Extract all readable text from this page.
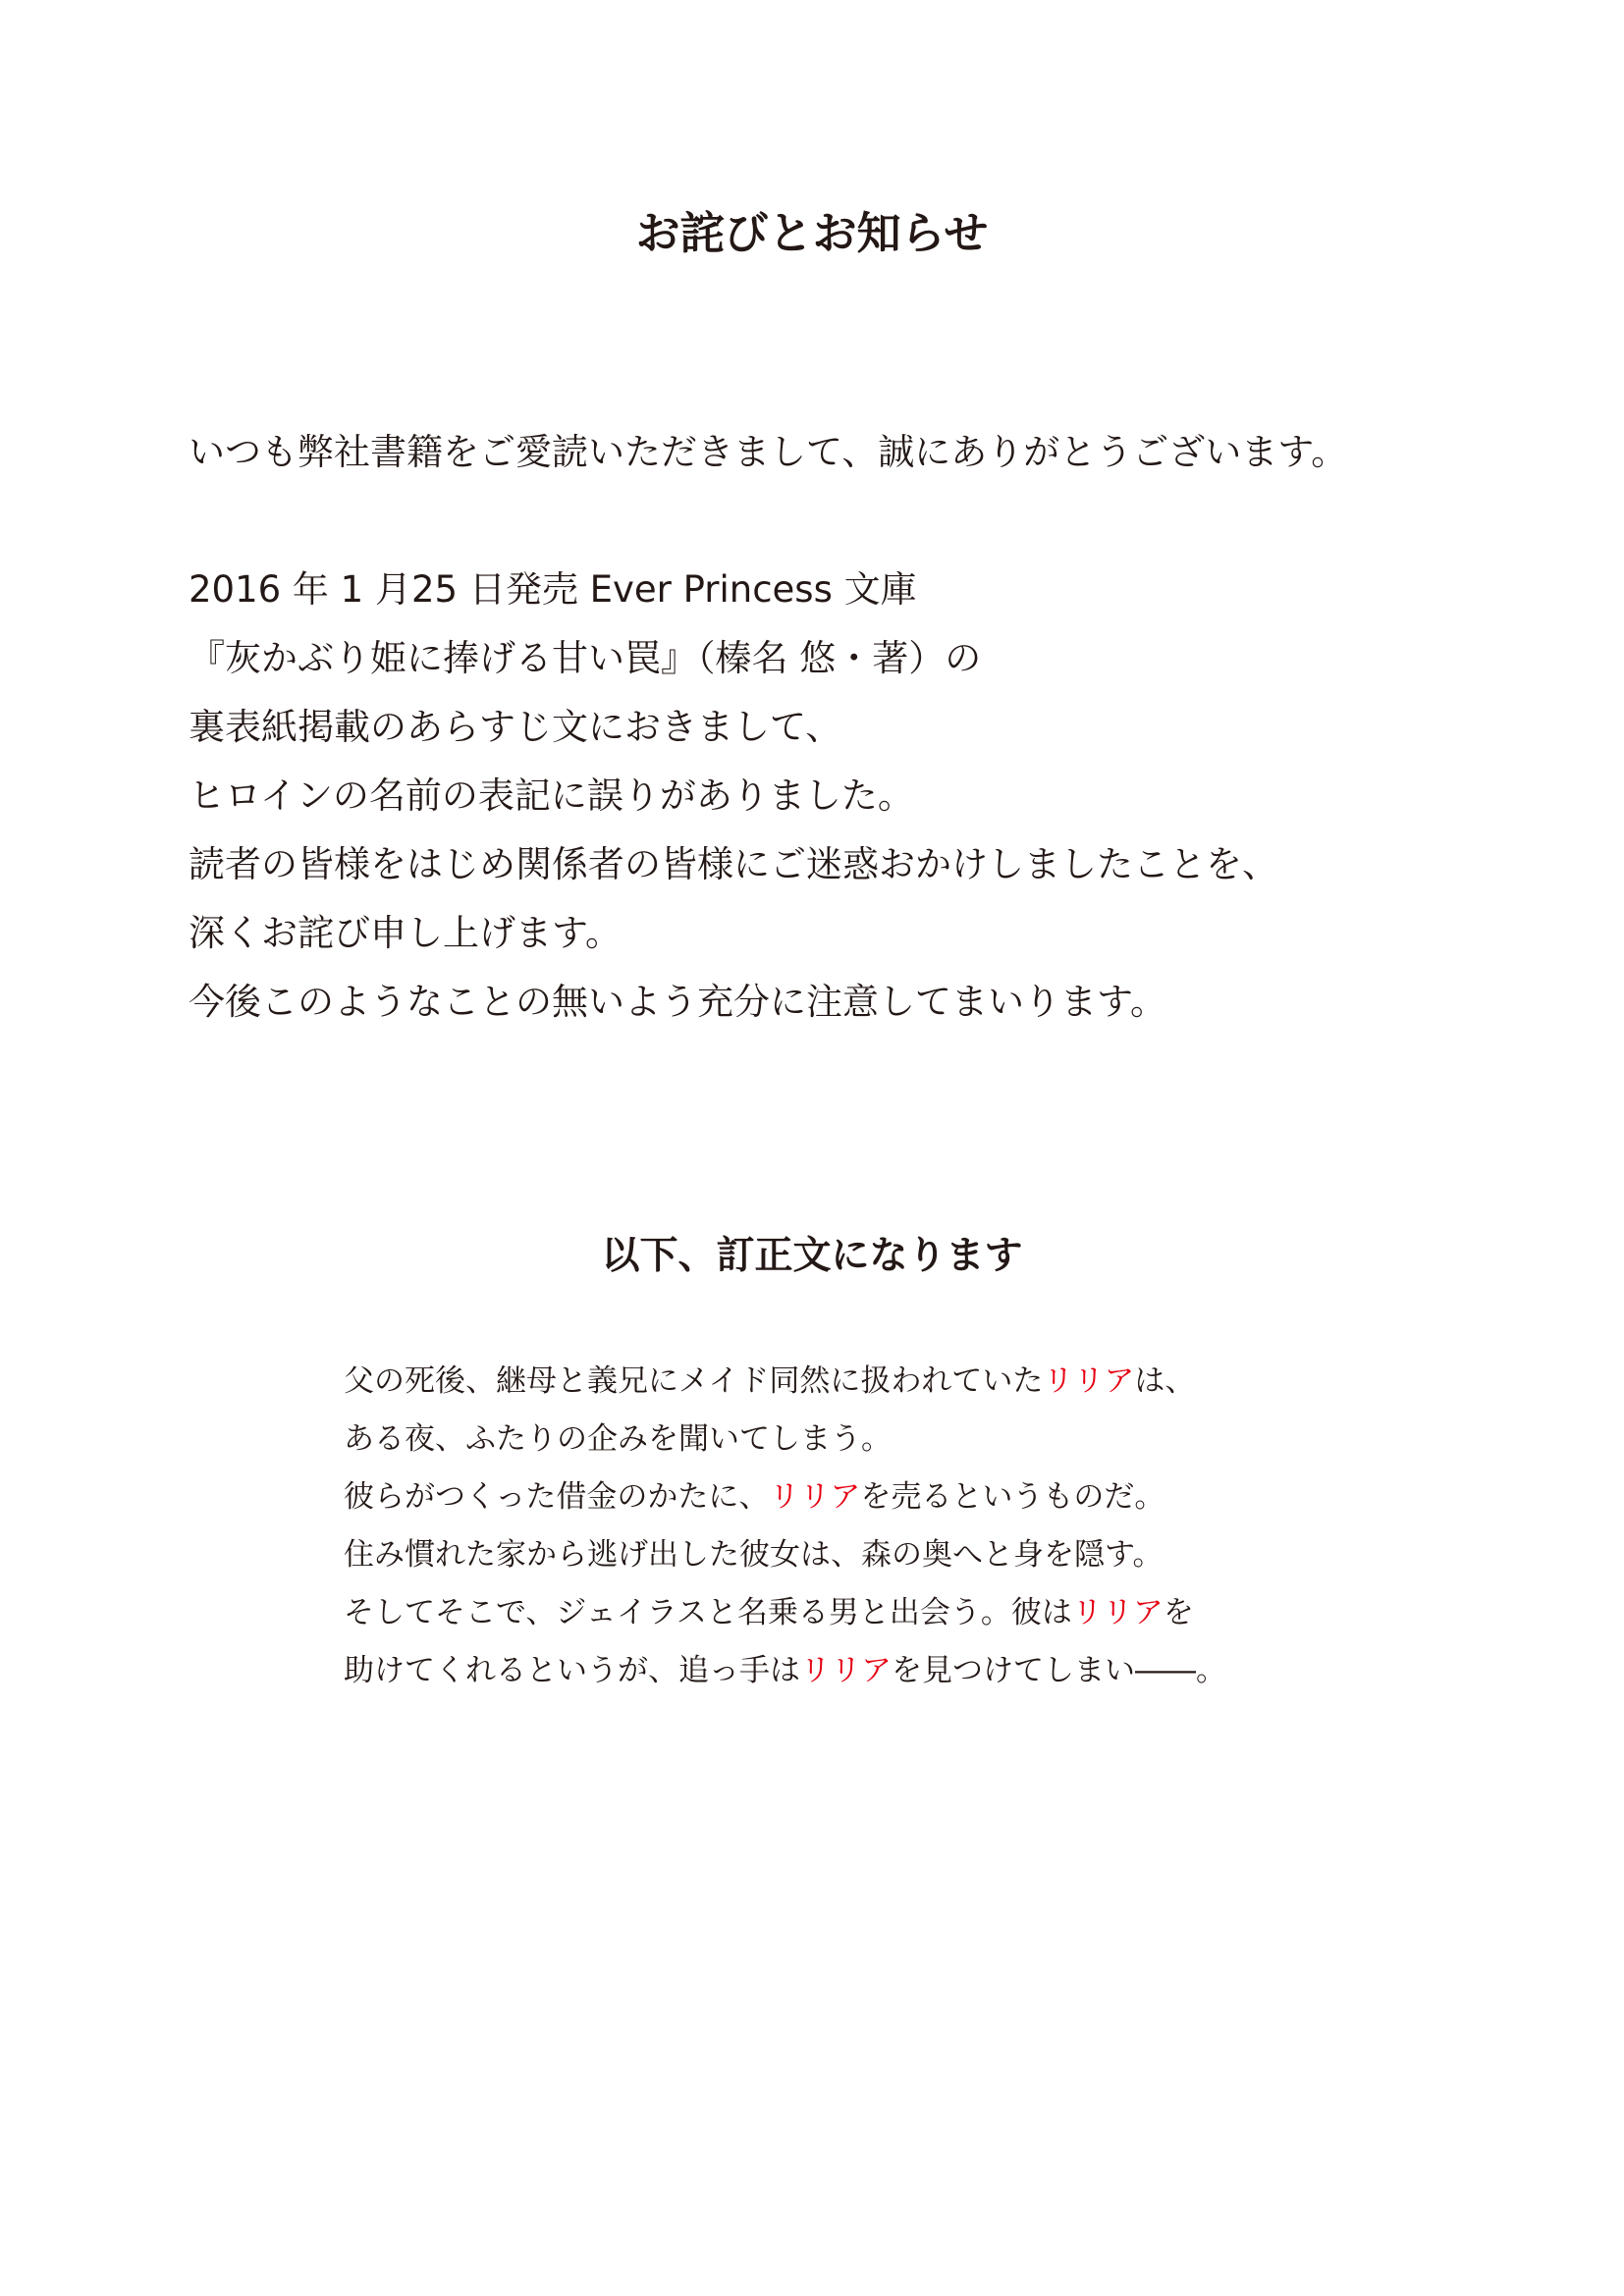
お詫びとお知らせ

いつも弊社書籍をご愛読いただきまして、誠にありがとうございます。

2016 年 1 月25 日発売 Ever Princess 文庫

『灰かぶり姫に捧げる甘い罠』（榛名 悠・著）の

裏表紙掲載のあらすじ文におきまして、

ヒロインの名前の表記に誤りがありました。

読者の皆様をはじめ関係者の皆様にご迷惑おかけしましたことを、

深くお詫び申し上げます。

今後このようなことの無いよう充分に注意してまいります。

以下、訂正文になります

父の死後、継母と義兄にメイド同然に扱われていたリリアは、

ある夜、ふたりの企みを聞いてしまう。

彼らがつくった借金のかたに、リリアを売るというものだ。

住み慣れた家から逃げ出した彼女は、森の奥へと身を隠す。

そしてそこで、ジェイラスと名乗る男と出会う。彼はリリアを

助けてくれるというが、追っ手はリリアを見つけてしまい――。
